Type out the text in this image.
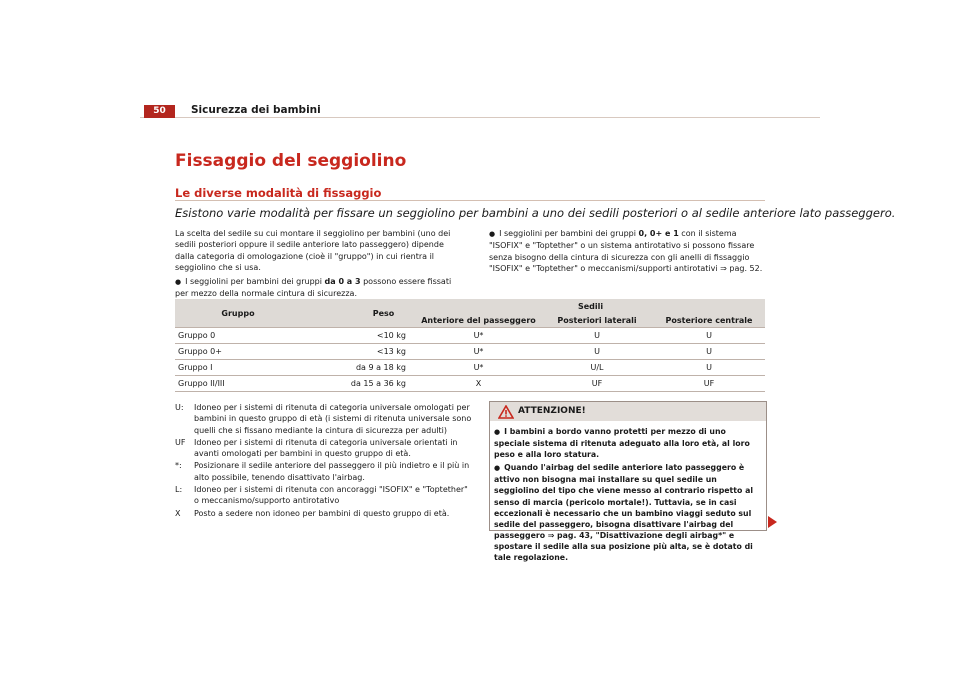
50	Sicurezza dei bambini
Fissaggio del seggiolino
Le diverse modalità di fissaggio
Esistono varie modalità per fissare un seggiolino per bambini a uno dei sedili posteriori o al sedile anteriore lato passeggero.

La scelta del sedile su cui montare il seggiolino per bambini (uno dei sedili posteriori oppure il sedile anteriore lato passeggero) dipende dalla categoria di omologazione (cioè il "gruppo") in cui rientra il seggiolino che si usa.

● I seggiolini per bambini dei gruppi da 0 a 3 possono essere fissati per mezzo della normale cintura di sicurezza.

● I seggiolini per bambini dei gruppi 0, 0+ e 1 con il sistema "ISOFIX" e "Toptether" o un sistema antirotativo si possono fissare senza bisogno della cintura di sicurezza con gli anelli di fissaggio "ISOFIX" e "Toptether" o meccanismi/supporti antirotativi ⇒ pag. 52.

Gruppo	Peso	Sedili		
		Anteriore del passeggero	Posteriori laterali	Posteriore centrale
Gruppo 0	<10 kg	U*	U	U
Gruppo 0+	<13 kg	U*	U	U
Gruppo I	da 9 a 18 kg	U*	U/L	U
Gruppo II/III	da 15 a 36 kg	X	UF	UF
U:	Idoneo per i sistemi di ritenuta di categoria universale omologati per bambini in questo gruppo di età (i sistemi di ritenuta universale sono quelli che si fissano mediante la cintura di sicurezza per adulti)
UF	Idoneo per i sistemi di ritenuta di categoria universale orientati in avanti omologati per bambini in questo gruppo di età.
*:	Posizionare il sedile anteriore del passeggero il più indietro e il più in alto possibile, tenendo disattivato l'airbag.
L:	Idoneo per i sistemi di ritenuta con ancoraggi "ISOFIX" e "Toptether" o meccanismo/supporto antirotativo
X	Posto a sedere non idoneo per bambini di questo gruppo di età.
ATTENZIONE!

● I bambini a bordo vanno protetti per mezzo di uno speciale sistema di ritenuta adeguato alla loro età, al loro peso e alla loro statura.

● Quando l'airbag del sedile anteriore lato passeggero è attivo non bisogna mai installare su quel sedile un seggiolino del tipo che viene messo al contrario rispetto al senso di marcia (pericolo mortale!). Tuttavia, se in casi eccezionali è necessario che un bambino viaggi seduto sul sedile del passeggero, bisogna disattivare l'airbag del passeggero ⇒ pag. 43, "Disattivazione degli airbag*" e spostare il sedile alla sua posizione più alta, se è dotato di tale regolazione.
